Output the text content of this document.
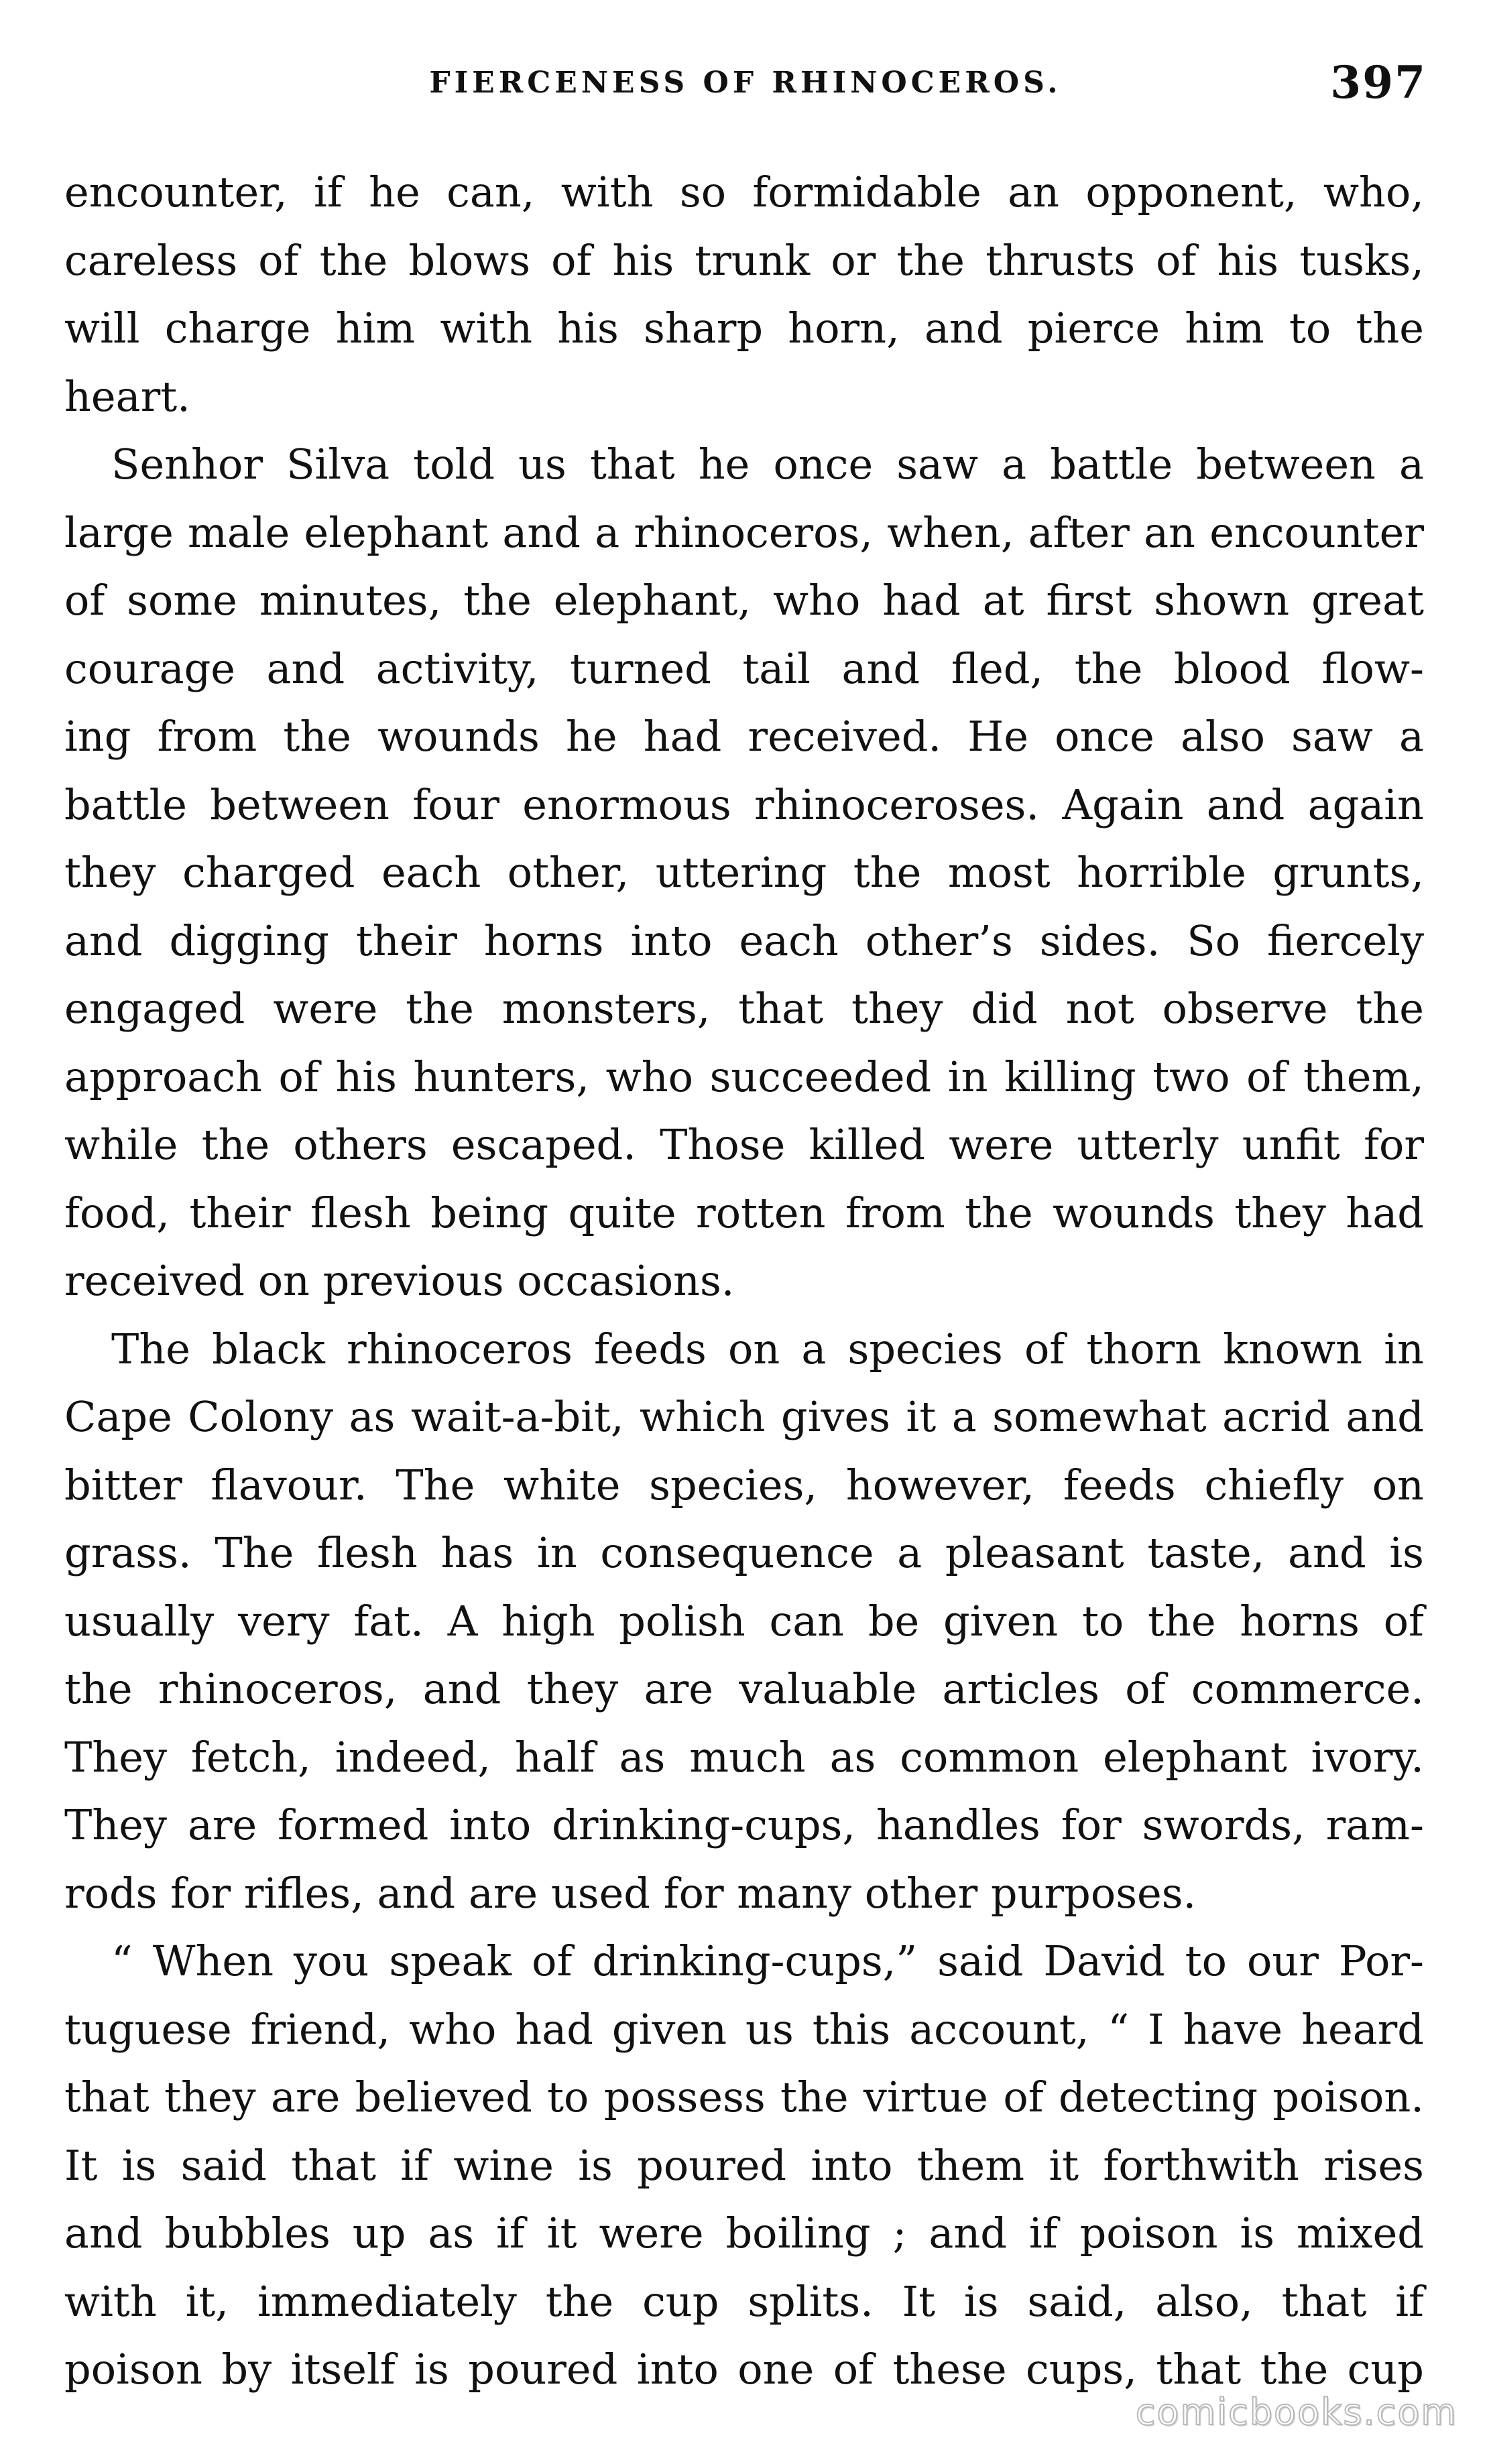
FIERCENESS OF RHINOCEROS.	397
encounter, if he can, with so formidable an opponent, who,
careless of the blows of his trunk or the thrusts of his tusks,
will charge him with his sharp horn, and pierce him to the
heart.
Senhor Silva told us that he once saw a battle between a
large male elephant and a rhinoceros, when, after an encounter
of some minutes, the elephant, who had at first shown great
courage and activity, turned tail and fled, the blood flow-
ing from the wounds he had received. He once also saw a
battle between four enormous rhinoceroses. Again and again
they charged each other, uttering the most horrible grunts,
and digging their horns into each other’s sides. So fiercely
engaged were the monsters, that they did not observe the
approach of his hunters, who succeeded in killing two of them,
while the others escaped. Those killed were utterly unfit for
food, their flesh being quite rotten from the wounds they had
received on previous occasions.
The black rhinoceros feeds on a species of thorn known in
Cape Colony as wait-a-bit, which gives it a somewhat acrid and
bitter flavour. The white species, however, feeds chiefly on
grass. The flesh has in consequence a pleasant taste, and is
usually very fat. A high polish can be given to the horns of
the rhinoceros, and they are valuable articles of commerce.
They fetch, indeed, half as much as common elephant ivory.
They are formed into drinking-cups, handles for swords, ram-
rods for rifles, and are used for many other purposes.
“ When you speak of drinking-cups,” said David to our Por-
tuguese friend, who had given us this account, “ I have heard
that they are believed to possess the virtue of detecting poison.
It is said that if wine is poured into them it forthwith rises
and bubbles up as if it were boiling ; and if poison is mixed
with it, immediately the cup splits. It is said, also, that if
poison by itself is poured into one of these cups, that the cup
comicbooks.com
